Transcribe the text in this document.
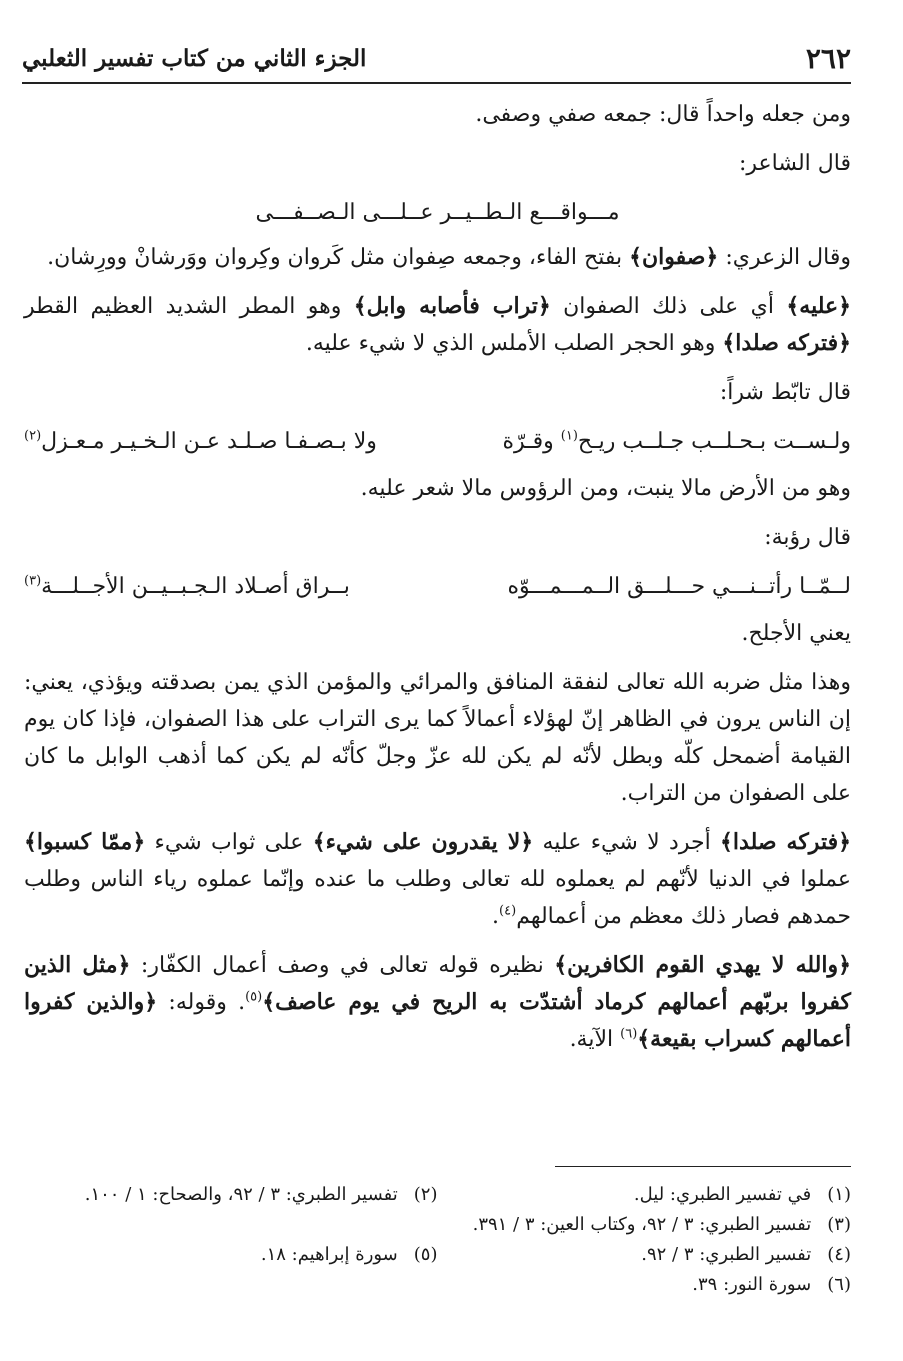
٢٦٢
الجزء الثاني من كتاب تفسير الثعلبي

ومن جعله واحداً قال: جمعه صفي وصفى.

قال الشاعر:

مـــواقـــع الـطــيــر عــلـــى الـصــفـــى

وقال الزعري: ﴿صفوان﴾ بفتح الفاء، وجمعه صِفوان مثل كَروان وكِروان ووَرشانْ وورِشان.

﴿عليه﴾ أي على ذلك الصفوان ﴿تراب فأصابه وابل﴾ وهو المطر الشديد العظيم القطر ﴿فتركه صلدا﴾ وهو الحجر الصلب الأملس الذي لا شيء عليه.

قال تابّط شراً:

ولـســت بـحـلــب جـلــب ريـح$^{(١)}$ وقـرّة
ولا بـصـفـا صـلـد عـن الـخـيـر مـعـزل$^{(٢)}$

وهو من الأرض مالا ينبت، ومن الرؤوس مالا شعر عليه.

قال رؤبة:

لــمّــا رأتــنـــي حـــلـــق الــمـــمـــوّه
بــراق أصـلاد الـجـبــيــن الأجــلـــة$^{(٣)}$

يعني الأجلح.

وهذا مثل ضربه الله تعالى لنفقة المنافق والمرائي والمؤمن الذي يمن بصدقته ويؤذي، يعني: إن الناس يرون في الظاهر إنّ لهؤلاء أعمالاً كما يرى التراب على هذا الصفوان، فإذا كان يوم القيامة أضمحل كلّه وبطل لأنّه لم يكن لله عزّ وجلّ كأنّه لم يكن كما أذهب الوابل ما كان على الصفوان من التراب.

﴿فتركه صلدا﴾ أجرد لا شيء عليه ﴿لا يقدرون على شيء﴾ على ثواب شيء ﴿ممّا كسبوا﴾ عملوا في الدنيا لأنّهم لم يعملوه لله تعالى وطلب ما عنده وإنّما عملوه رياء الناس وطلب حمدهم فصار ذلك معظم من أعمالهم$^{(٤)}$.

﴿والله لا يهدي القوم الكافرين﴾ نظيره قوله تعالى في وصف أعمال الكفّار: ﴿مثل الذين كفروا بربّهم أعمالهم كرماد أشتدّت به الريح في يوم عاصف﴾$^{(٥)}$. وقوله: ﴿والذين كفروا أعمالهم كسراب بقيعة﴾$^{(٦)}$ الآية.

(١) في تفسير الطبري: ليل.
(٢) تفسير الطبري: ٣ / ٩٢، والصحاح: ١ / ١٠٠.
(٣) تفسير الطبري: ٣ / ٩٢، وكتاب العين: ٣ / ٣٩١.
(٤) تفسير الطبري: ٣ / ٩٢.
(٥) سورة إبراهيم: ١٨.
(٦) سورة النور: ٣٩.
